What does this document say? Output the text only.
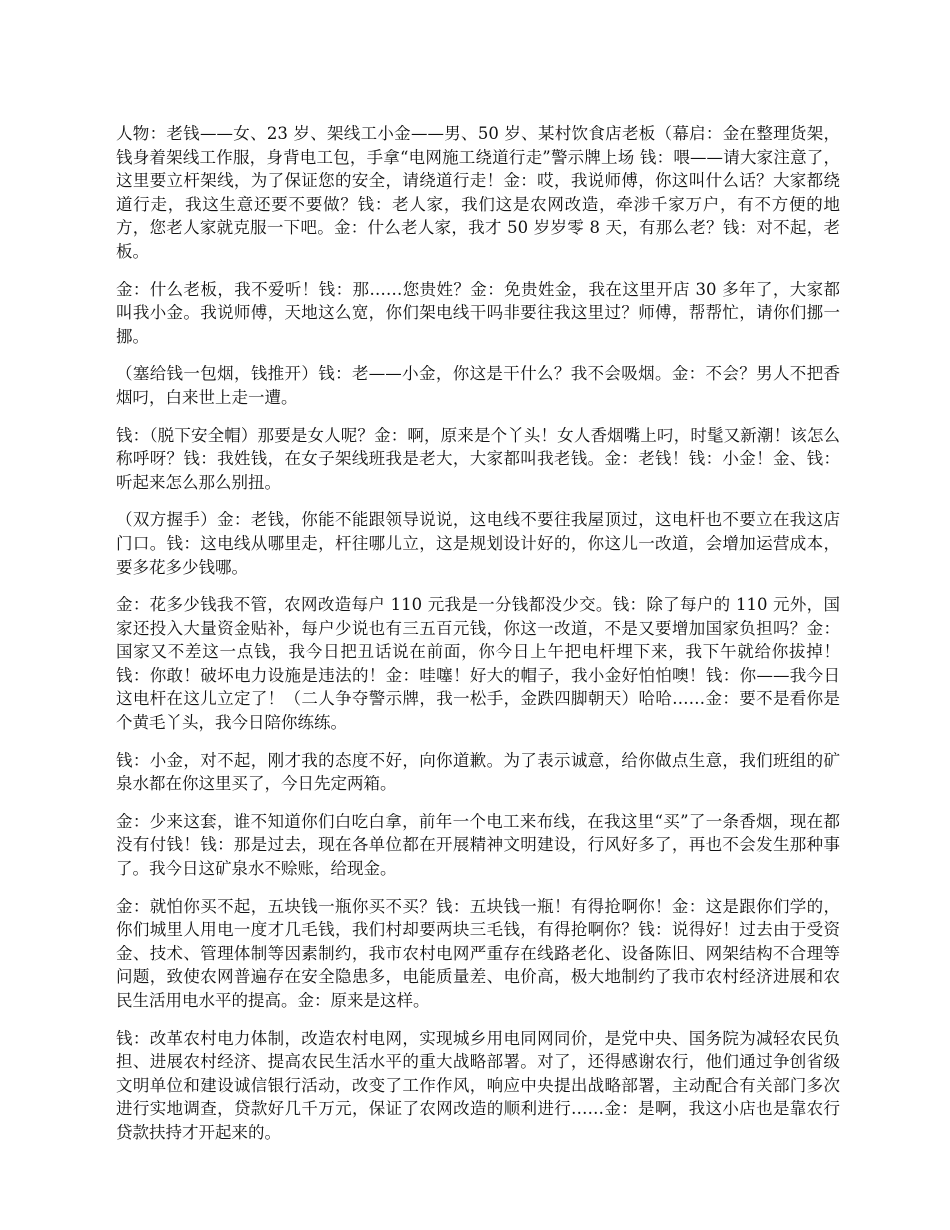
人物：老钱——女、23 岁、架线工小金——男、50 岁、某村饮食店老板（幕启：金在整理货架，钱身着架线工作服，身背电工包，手拿“电网施工绕道行走”警示牌上场 钱：喂——请大家注意了，这里要立杆架线，为了保证您的安全，请绕道行走！金：哎，我说师傅，你这叫什么话？大家都绕道行走，我这生意还要不要做？钱：老人家，我们这是农网改造，牵涉千家万户，有不方便的地方，您老人家就克服一下吧。金：什么老人家，我才 50 岁岁零 8 天，有那么老？钱：对不起，老板。

金：什么老板，我不爱听！钱：那……您贵姓？金：免贵姓金，我在这里开店 30 多年了，大家都叫我小金。我说师傅，天地这么宽，你们架电线干吗非要往我这里过？师傅，帮帮忙，请你们挪一挪。

（塞给钱一包烟，钱推开）钱：老——小金，你这是干什么？我不会吸烟。金：不会？男人不把香烟叼，白来世上走一遭。

钱：（脱下安全帽）那要是女人呢？金：啊，原来是个丫头！女人香烟嘴上叼，时髦又新潮！该怎么称呼呀？钱：我姓钱，在女子架线班我是老大，大家都叫我老钱。金：老钱！钱：小金！金、钱：听起来怎么那么别扭。

（双方握手）金：老钱，你能不能跟领导说说，这电线不要往我屋顶过，这电杆也不要立在我这店门口。钱：这电线从哪里走，杆往哪儿立，这是规划设计好的，你这儿一改道，会增加运营成本，要多花多少钱哪。

金：花多少钱我不管，农网改造每户 110 元我是一分钱都没少交。钱：除了每户的 110 元外，国家还投入大量资金贴补，每户少说也有三五百元钱，你这一改道，不是又要增加国家负担吗？金：国家又不差这一点钱，我今日把丑话说在前面，你今日上午把电杆埋下来，我下午就给你拔掉！钱：你敢！破坏电力设施是违法的！金：哇噻！好大的帽子，我小金好怕怕噢！钱：你——我今日这电杆在这儿立定了！（二人争夺警示牌，我一松手，金跌四脚朝天）哈哈……金：要不是看你是个黄毛丫头，我今日陪你练练。

钱：小金，对不起，刚才我的态度不好，向你道歉。为了表示诚意，给你做点生意，我们班组的矿泉水都在你这里买了，今日先定两箱。

金：少来这套，谁不知道你们白吃白拿，前年一个电工来布线，在我这里“买”了一条香烟，现在都没有付钱！钱：那是过去，现在各单位都在开展精神文明建设，行风好多了，再也不会发生那种事了。我今日这矿泉水不赊账，给现金。

金：就怕你买不起，五块钱一瓶你买不买？钱：五块钱一瓶！有得抢啊你！金：这是跟你们学的，你们城里人用电一度才几毛钱，我们村却要两块三毛钱，有得抢啊你？钱：说得好！过去由于受资金、技术、管理体制等因素制约，我市农村电网严重存在线路老化、设备陈旧、网架结构不合理等问题，致使农网普遍存在安全隐患多，电能质量差、电价高，极大地制约了我市农村经济进展和农民生活用电水平的提高。金：原来是这样。

钱：改革农村电力体制，改造农村电网，实现城乡用电同网同价，是党中央、国务院为减轻农民负担、进展农村经济、提高农民生活水平的重大战略部署。对了，还得感谢农行，他们通过争创省级文明单位和建设诚信银行活动，改变了工作作风，响应中央提出战略部署，主动配合有关部门多次进行实地调查，贷款好几千万元，保证了农网改造的顺利进行……金：是啊，我这小店也是靠农行贷款扶持才开起来的。
